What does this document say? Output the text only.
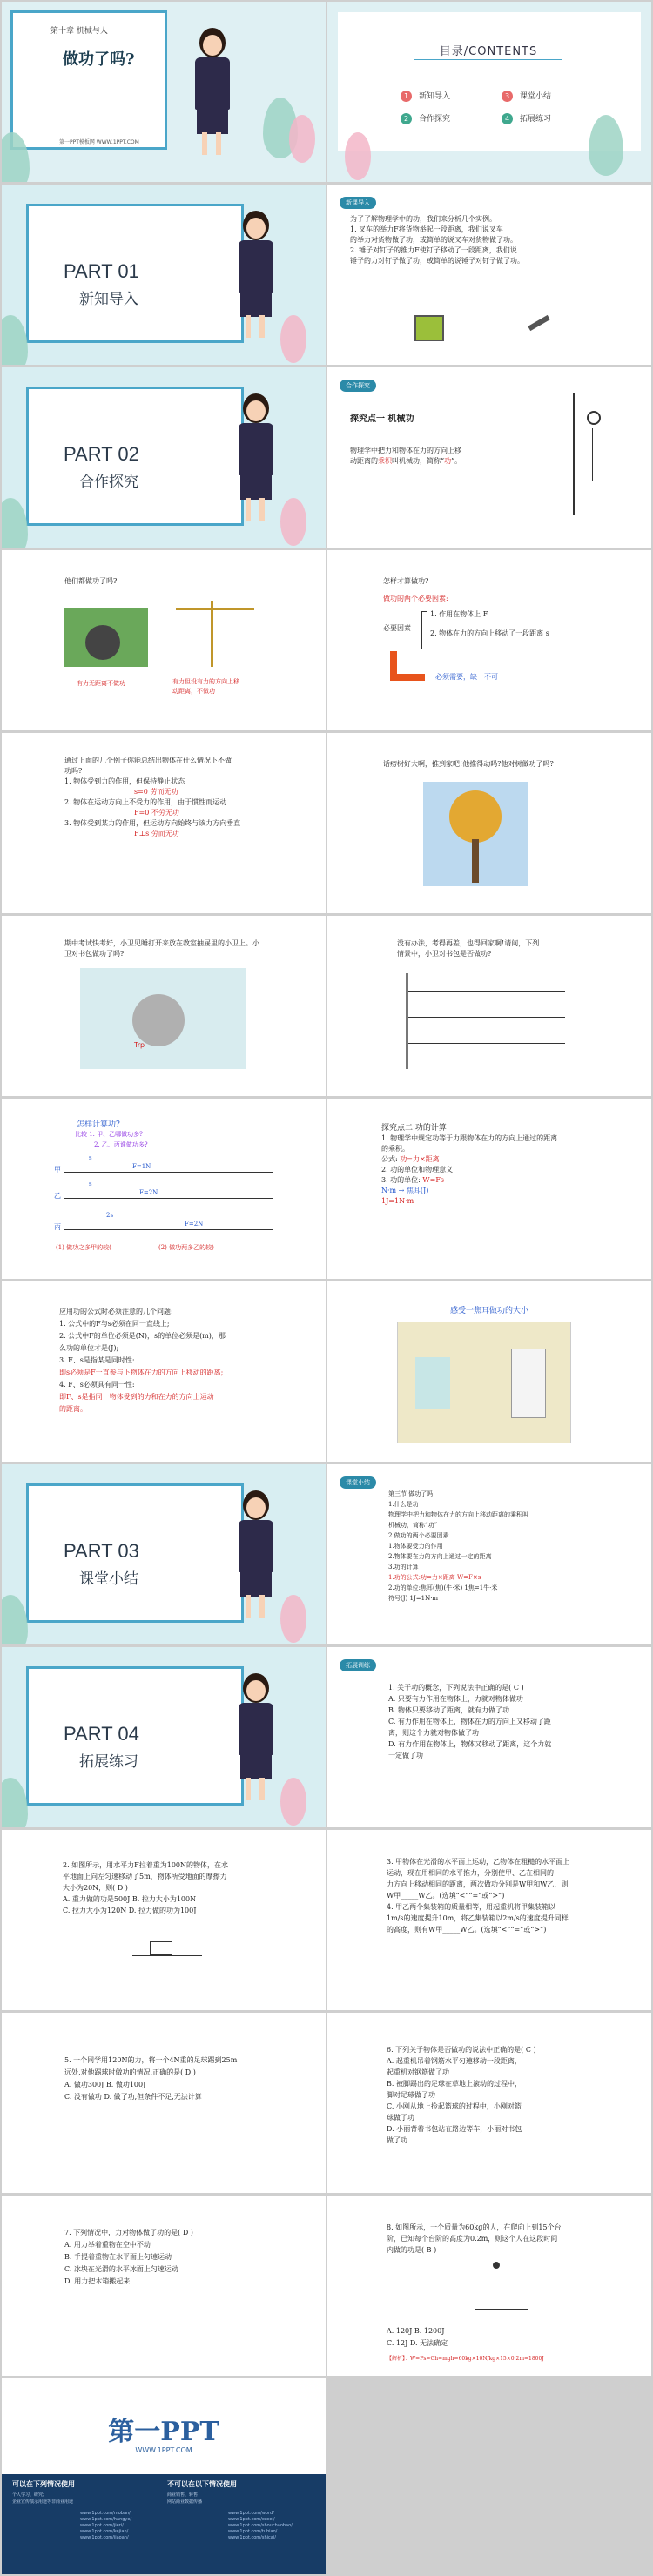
第十章 机械与人
做功了吗?
第一PPT模板网 WWW.1PPT.COM
目录/CONTENTS
1 新知导入	3 课堂小结
2 合作探究	4 拓展练习
PART 01
新知导入
新课导入
为了了解物理学中的功，我们来分析几个实例。
1. 叉车的举力F将货物举起一段距离，我们说叉车
的举力对货物做了功，或简单的说叉车对货物做了功。
2. 锤子对钉子的推力F使钉子移动了一段距离，我们说
锤子的力对钉子做了功，或简单的说锤子对钉子做了功。
PART 02
合作探究
合作探究
探究点一 机械功
物理学中把力和物体在力的方向上移
动距离的乘积叫机械功，简称“功”。
他们都做功了吗?
有力无距离不做功	有力但没有力的方向上移
动距离，不做功
怎样才算做功?
做功的两个必要因素:
必要因素
1. 作用在物体上 F
2. 物体在力的方向上移动了一段距离 s
必须需要，缺一不可
通过上面的几个例子你能总结出物体在什么情况下不做
功吗?
1. 物体受到力的作用，但保持静止状态
s=0 劳而无功
2. 物体在运动方向上不受力的作用，由于惯性而运动
F=0 不劳无功
3. 物体受到某力的作用，但运动方向始终与该力方向垂直
F⊥s 劳而无功
话痨树好大啊，推到家吧!他推得动吗?他对树做功了吗?
期中考试快考好，小卫见睡打开来放在教室抽屉里的小卫上。小
卫对书包做功了吗?
Trp
没有办法，考得再差，也得回家啊!请问，下列
情景中，小卫对书包是否做功?
怎样计算功?
比较 1. 甲、乙哪做功多?
2. 乙、丙谁做功多?
甲	F=1N
s
乙	F=2N
s
丙	F=2N
2s
(1) 做功之多甲的较(	(2) 做功两多乙的较)
探究点二 功的计算
1. 物理学中规定功等于力跟物体在力的方向上通过的距离
的乘积。
公式: 功=力×距离
2. 功的单位和物理意义
3. 功的单位: W=Fs
N·m → 焦耳(J)
1J=1N·m
应用功的公式时必须注意的几个问题:
1. 公式中的F与s必须在同一直线上;
2. 公式中F的单位必须是(N)，s的单位必须是(m)，那
么功的单位才是(J);
3. F、s是指某是同时性:
即s必须是F一直参与下物体在力的方向上移动的距离;
4. F、s必须具有同一性:
即F、s是指同一物体受到的力和在力的方向上运动
的距离。
感受一焦耳做功的大小
PART 03
课堂小结
课堂小结
第三节 做功了吗
1.什么是功
物理学中把力和物体在力的方向上移动距离的乘积叫
机械功，简称“功”
2.做功的两个必要因素
1.物体要受力的作用
2.物体要在力的方向上通过一定的距离
3.功的计算
1.功的公式:功=力×距离 W=F×s
2.功的单位:焦耳(焦)(牛·米) 1焦=1牛·米
符号(J) 1J=1N·m
PART 04
拓展练习
拓展训练
1. 关于功的概念，下列说法中正确的是( C )
A. 只要有力作用在物体上，力就对物体做功
B. 物体只要移动了距离，就有力做了功
C. 有力作用在物体上，物体在力的方向上又移动了距
离，则这个力就对物体做了功
D. 有力作用在物体上，物体又移动了距离，这个力就
一定做了功
2. 如图所示，用水平力F拉着重为100N的物体，在水
平地面上向左匀速移动了5m，物体所受地面的摩擦力
大小为20N，则( D )
A. 重力做的功是500J B. 拉力大小为100N
C. 拉力大小为120N D. 拉力做的功为100J
3. 甲物体在光滑的水平面上运动，乙物体在粗糙的水平面上
运动，现在用相同的水平推力，分别使甲、乙在相同的
力方向上移动相同的距离，两次做功分别是W甲和W乙，则
W甲_____W乙。(选填“<”“=”或“>”)
4. 甲乙两个集装箱的质量相等，用起重机将甲集装箱以
1m/s的速度提升10m，将乙集装箱以2m/s的速度提升同样
的高度，则有W甲_____W乙。(选填“<”“=”或“>”)
5. 一个同学用120N的力，将一个4N重的足球踢到25m
远处,对他踢球时做功的情况,正确的是( D )
A. 做功300J B. 做功100J
C. 没有做功 D. 做了功,但条件不足,无法计算
6. 下列关于物体是否做功的说法中正确的是( C )
A. 起重机吊着钢筋水平匀速移动一段距离，
起重机对钢筋做了功
B. 被脚踢出的足球在草地上滚动的过程中，
脚对足球做了功
C. 小刚从地上捡起篮球的过程中，小刚对篮
球做了功
D. 小丽背着书包站在路边等车，小丽对书包
做了功
7. 下列情况中，力对物体做了功的是( D )
A. 用力举着重物在空中不动
B. 手提着重物在水平面上匀速运动
C. 冰块在光滑的水平冰面上匀速运动
D. 用力把木箱搬起来
8. 如图所示，一个质量为60kg的人，在爬向上到15个台
阶，已知每个台阶的高度为0.2m，则这个人在这段时间
内做的功是( B )
A. 120J B. 1200J
C. 12J D. 无法确定
【解析】：W=Fs=Gh=mgh=60kg×10N/kg×15×0.2m=1800J
第一PPT
WWW.1PPT.COM
可以在下列情况使用
个人学习、研究;
企业宣传演示用途等非商业用途
不可以在以下情况使用
商业销售、转售
网站商业数据传播
www.1ppt.com/moban/
www.1ppt.com/hangye/
www.1ppt.com/jieri/
www.1ppt.com/kejian/
www.1ppt.com/jiaoan/
www.1ppt.com/word/
www.1ppt.com/excel/
www.1ppt.com/shouchaobao/
www.1ppt.com/tubiao/
www.1ppt.com/shicai/
